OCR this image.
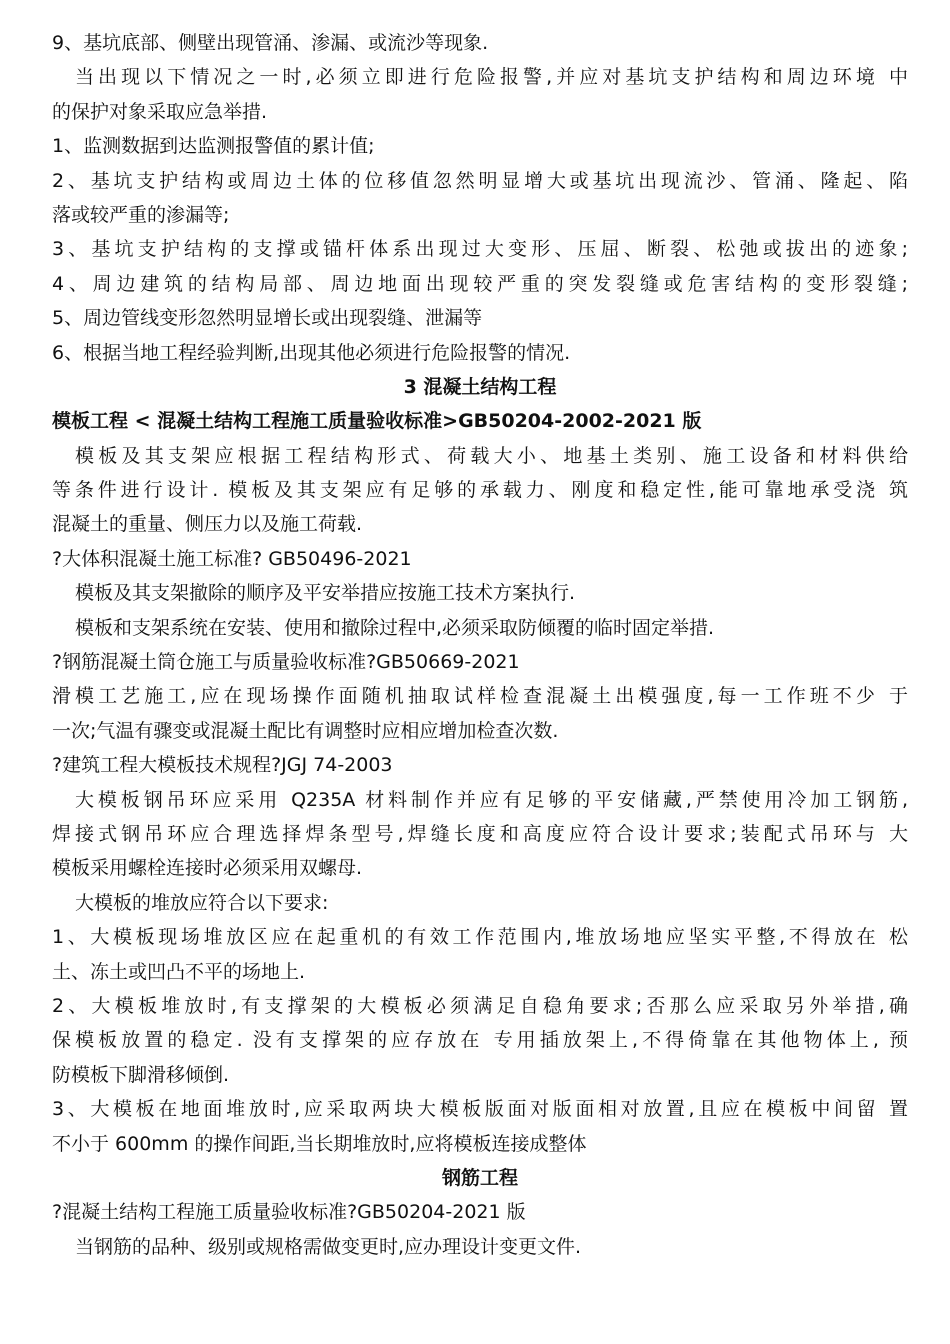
9、基坑底部、侧壁出现管涌、渗漏、或流沙等现象.
当出现以下情况之一时,必须立即进行危险报警,并应对基坑支护结构和周边环境 中
的保护对象采取应急举措.
1、监测数据到达监测报警值的累计值;
2、基坑支护结构或周边土体的位移值忽然明显增大或基坑出现流沙、管涌、隆起、陷
落或较严重的渗漏等;
3、基坑支护结构的支撑或锚杆体系出现过大变形、压屈、断裂、松弛或拔出的迹象;
4、周边建筑的结构局部、周边地面出现较严重的突发裂缝或危害结构的变形裂缝;
5、周边管线变形忽然明显增长或出现裂缝、泄漏等
6、根据当地工程经验判断,出现其他必须进行危险报警的情况.
3 混凝土结构工程
模板工程 < 混凝土结构工程施工质量验收标准>GB50204-2002-2021 版
模板及其支架应根据工程结构形式、荷载大小、地基土类别、施工设备和材料供给
等条件进行设计. 模板及其支架应有足够的承载力、刚度和稳定性,能可靠地承受浇 筑
混凝土的重量、侧压力以及施工荷载.
?大体积混凝土施工标准? GB50496-2021
模板及其支架撤除的顺序及平安举措应按施工技术方案执行.
模板和支架系统在安装、使用和撤除过程中,必须采取防倾覆的临时固定举措.
?钢筋混凝土筒仓施工与质量验收标准?GB50669-2021
滑模工艺施工,应在现场操作面随机抽取试样检查混凝土出模强度,每一工作班不少 于
一次;气温有骤变或混凝土配比有调整时应相应增加检查次数.
?建筑工程大模板技术规程?JGJ 74-2003
大模板钢吊环应采用 Q235A 材料制作并应有足够的平安储藏,严禁使用冷加工钢筋,
焊接式钢吊环应合理选择焊条型号,焊缝长度和高度应符合设计要求;装配式吊环与 大
模板采用螺栓连接时必须采用双螺母.
大模板的堆放应符合以下要求:
1、大模板现场堆放区应在起重机的有效工作范围内,堆放场地应坚实平整,不得放在 松
土、冻土或凹凸不平的场地上.
2、大模板堆放时,有支撑架的大模板必须满足自稳角要求;否那么应采取另外举措,确
保模板放置的稳定. 没有支撑架的应存放在 专用插放架上,不得倚靠在其他物体上, 预
防模板下脚滑移倾倒.
3、大模板在地面堆放时,应采取两块大模板版面对版面相对放置,且应在模板中间留 置
不小于 600mm 的操作间距,当长期堆放时,应将模板连接成整体
钢筋工程
?混凝土结构工程施工质量验收标准?GB50204-2021 版
当钢筋的品种、级别或规格需做变更时,应办理设计变更文件.
